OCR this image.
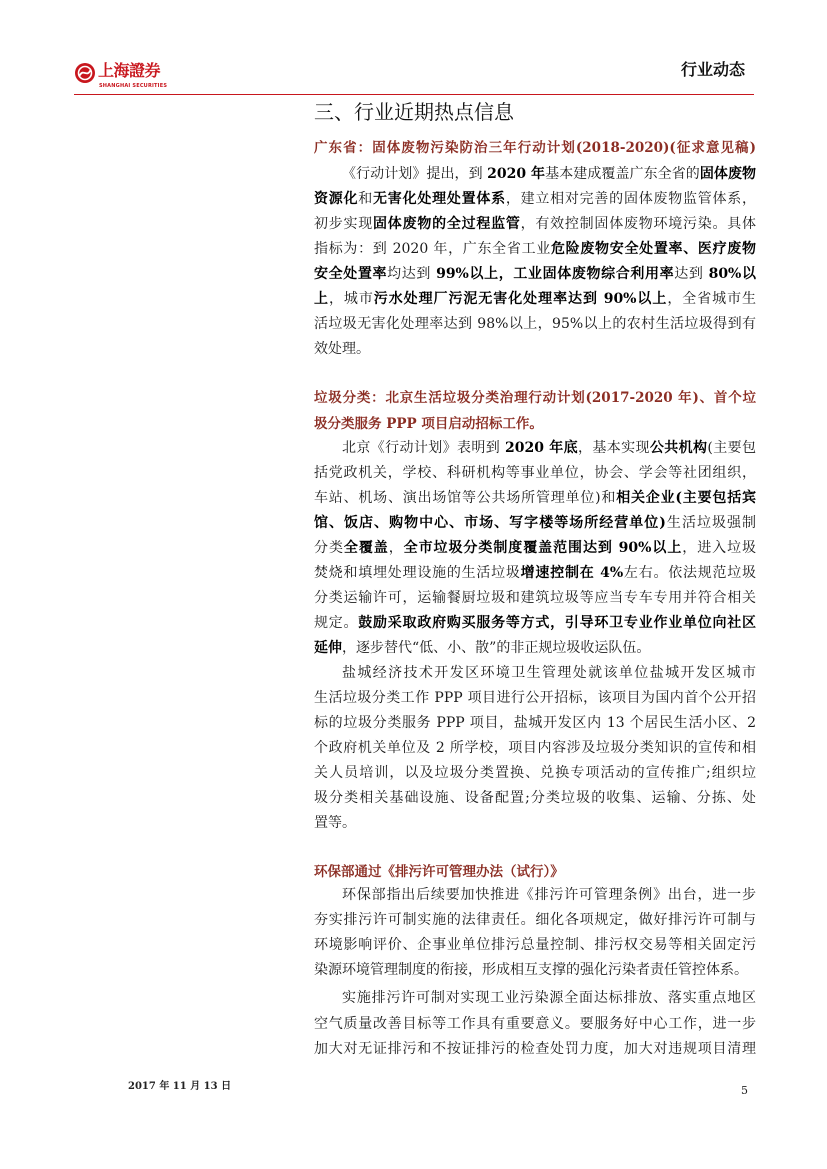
上海證券
SHANGHAI SECURITIES
行业动态
三、行业近期热点信息
广东省：固体废物污染防治三年行动计划(2018-2020)(征求意见稿)
《行动计划》提出，到 2020 年基本建成覆盖广东全省的固体废物
资源化和无害化处理处置体系，建立相对完善的固体废物监管体系，
初步实现固体废物的全过程监管，有效控制固体废物环境污染。具体
指标为：到 2020 年，广东全省工业危险废物安全处置率、医疗废物
安全处置率均达到 99%以上，工业固体废物综合利用率达到 80%以
上，城市污水处理厂污泥无害化处理率达到 90%以上，全省城市生
活垃圾无害化处理率达到 98%以上，95%以上的农村生活垃圾得到有
效处理。
垃圾分类：北京生活垃圾分类治理行动计划(2017-2020 年)、首个垃
圾分类服务 PPP 项目启动招标工作。
北京《行动计划》表明到 2020 年底，基本实现公共机构(主要包
括党政机关，学校、科研机构等事业单位，协会、学会等社团组织，
车站、机场、演出场馆等公共场所管理单位)和相关企业(主要包括宾
馆、饭店、购物中心、市场、写字楼等场所经营单位)生活垃圾强制
分类全覆盖，全市垃圾分类制度覆盖范围达到 90%以上，进入垃圾
焚烧和填埋处理设施的生活垃圾增速控制在 4%左右。依法规范垃圾
分类运输许可，运输餐厨垃圾和建筑垃圾等应当专车专用并符合相关
规定。鼓励采取政府购买服务等方式，引导环卫专业作业单位向社区
延伸，逐步替代“低、小、散”的非正规垃圾收运队伍。
盐城经济技术开发区环境卫生管理处就该单位盐城开发区城市
生活垃圾分类工作 PPP 项目进行公开招标，该项目为国内首个公开招
标的垃圾分类服务 PPP 项目，盐城开发区内 13 个居民生活小区、2
个政府机关单位及 2 所学校，项目内容涉及垃圾分类知识的宣传和相
关人员培训，以及垃圾分类置换、兑换专项活动的宣传推广;组织垃
圾分类相关基础设施、设备配置;分类垃圾的收集、运输、分拣、处
置等。
环保部通过《排污许可管理办法（试行）》
环保部指出后续要加快推进《排污许可管理条例》出台，进一步
夯实排污许可制实施的法律责任。细化各项规定，做好排污许可制与
环境影响评价、企事业单位排污总量控制、排污权交易等相关固定污
染源环境管理制度的衔接，形成相互支撑的强化污染者责任管控体系。
实施排污许可制对实现工业污染源全面达标排放、落实重点地区
空气质量改善目标等工作具有重要意义。要服务好中心工作，进一步
加大对无证排污和不按证排污的检查处罚力度，加大对违规项目清理
2017 年 11 月 13 日	5
